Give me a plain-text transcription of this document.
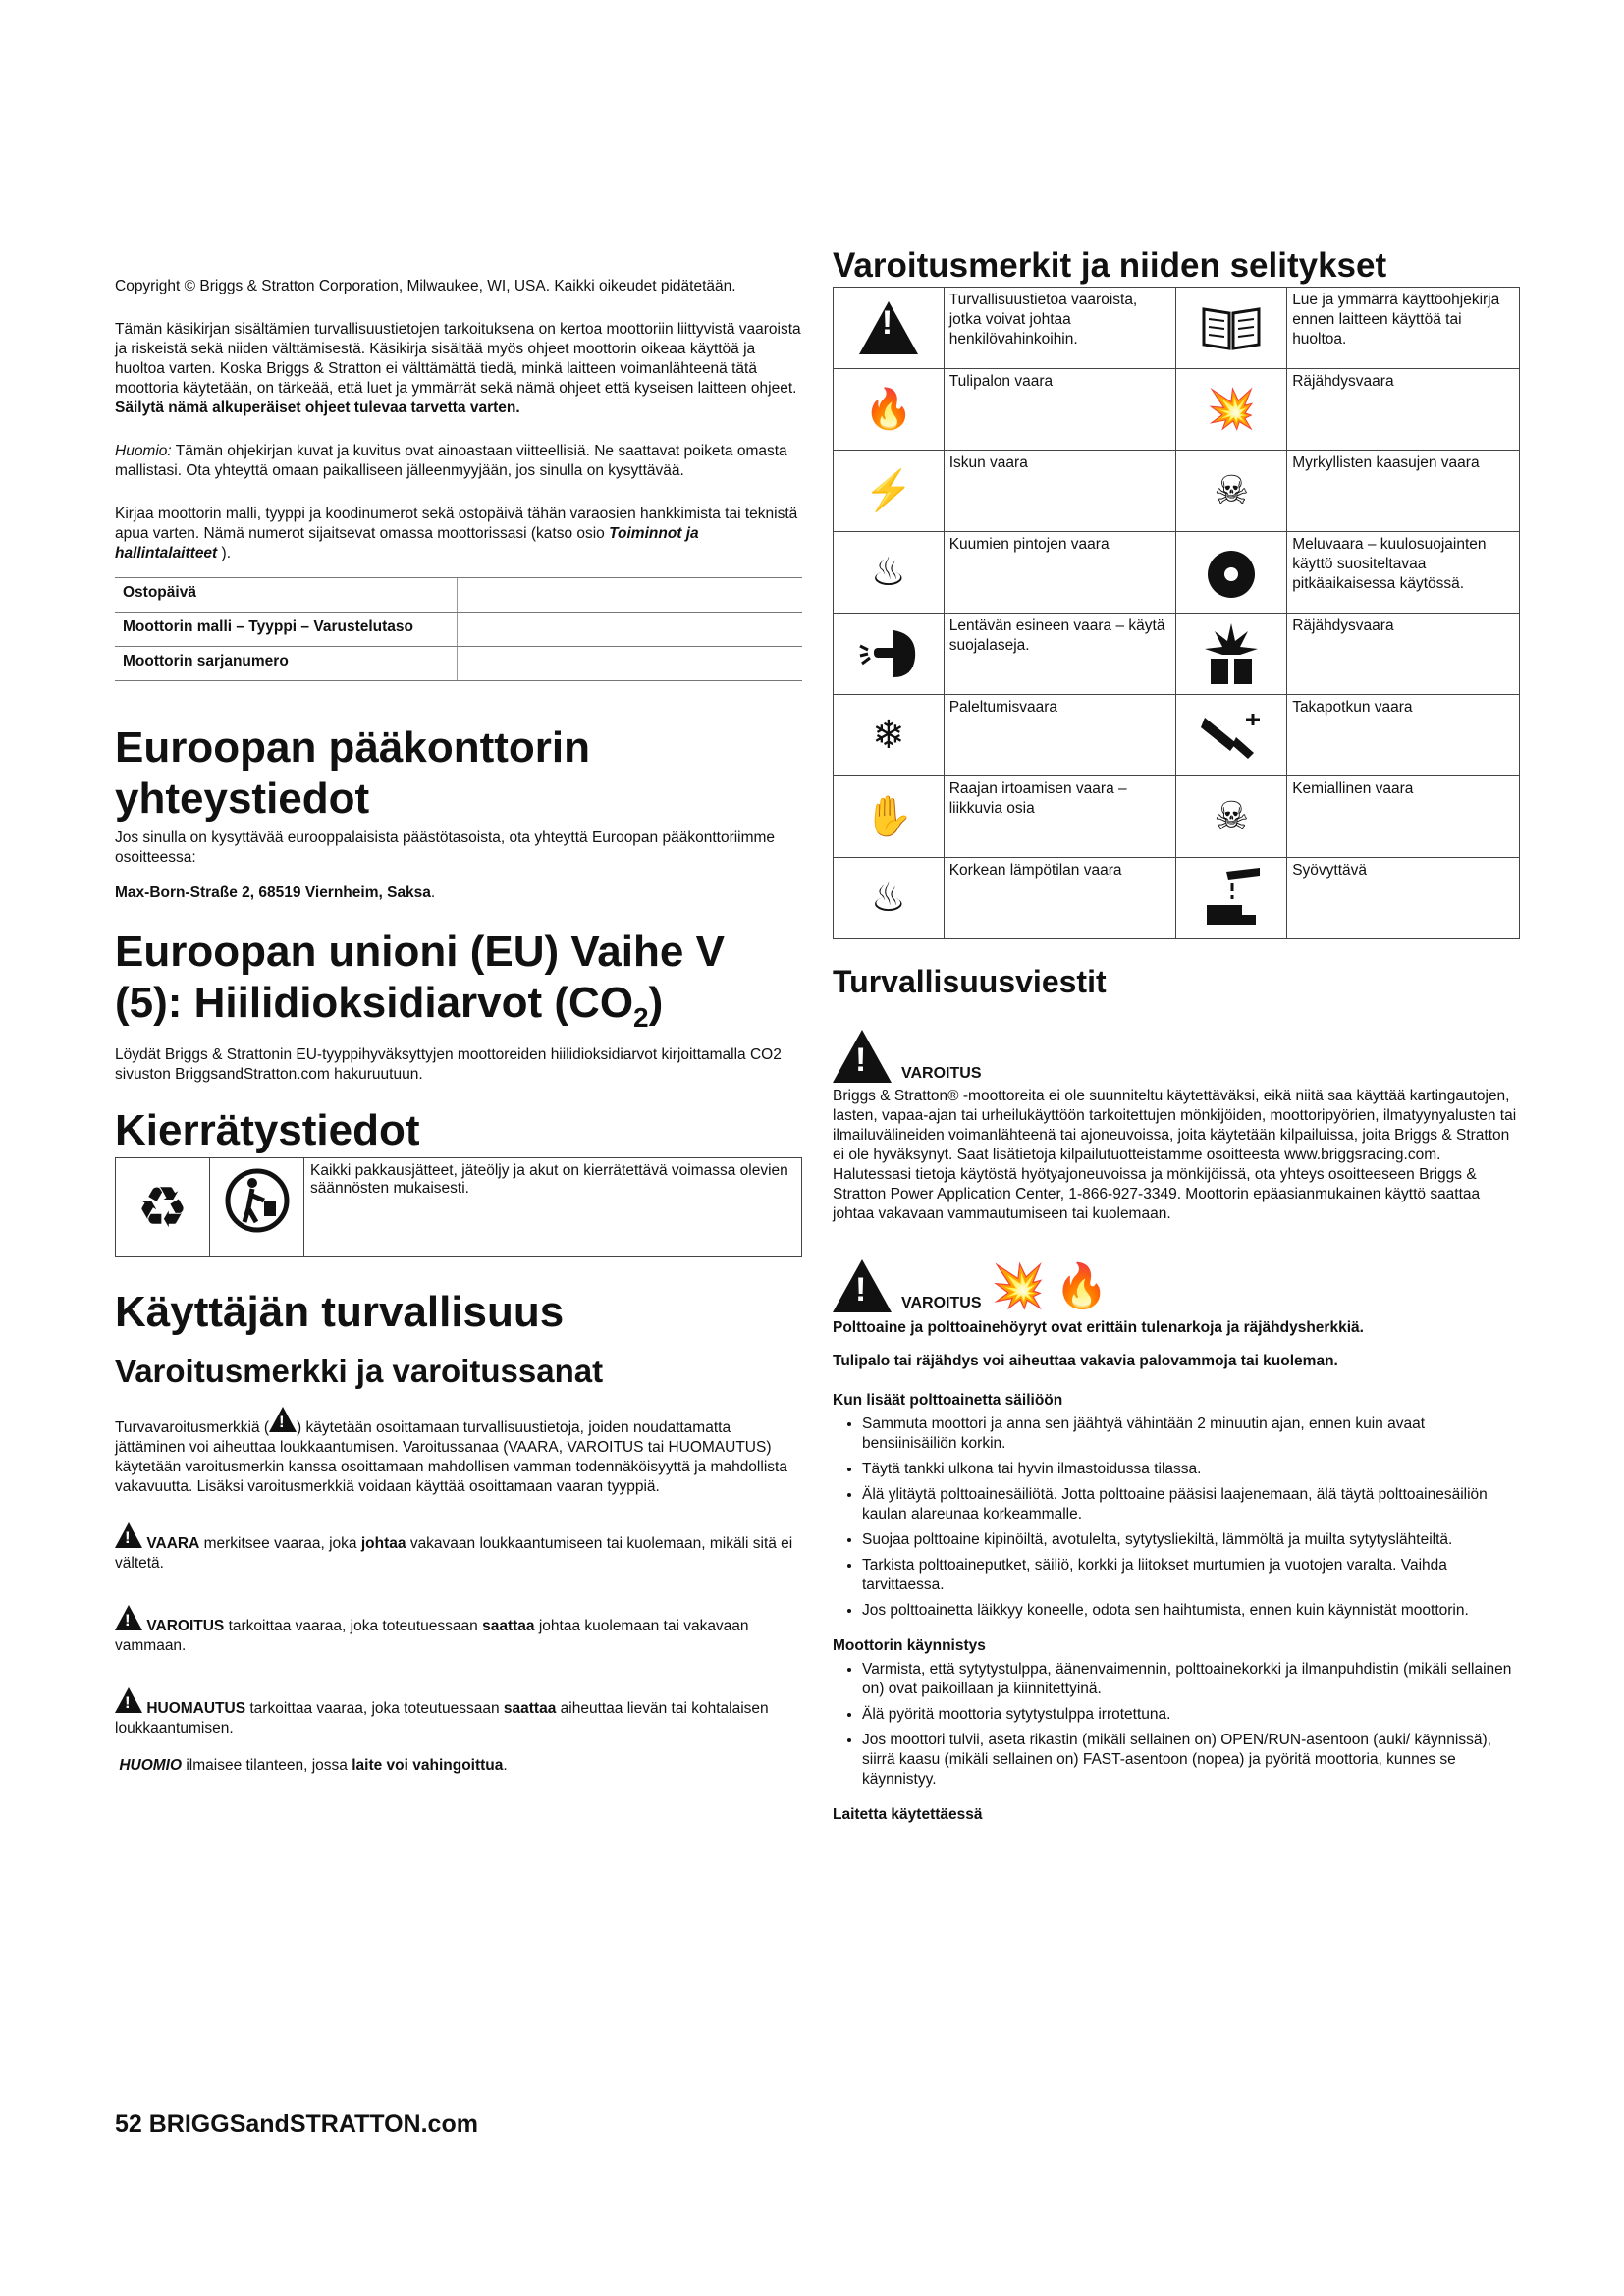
Copyright © Briggs & Stratton Corporation, Milwaukee, WI, USA. Kaikki oikeudet pidätetään.

Tämän käsikirjan sisältämien turvallisuustietojen tarkoituksena on kertoa moottoriin liittyvistä vaaroista ja riskeistä sekä niiden välttämisestä. Käsikirja sisältää myös ohjeet moottorin oikeaa käyttöä ja huoltoa varten. Koska Briggs & Stratton ei välttämättä tiedä, minkä laitteen voimanlähteenä tätä moottoria käytetään, on tärkeää, että luet ja ymmärrät sekä nämä ohjeet että kyseisen laitteen ohjeet. Säilytä nämä alkuperäiset ohjeet tulevaa tarvetta varten.

Huomio: Tämän ohjekirjan kuvat ja kuvitus ovat ainoastaan viitteellisiä. Ne saattavat poiketa omasta mallistasi. Ota yhteyttä omaan paikalliseen jälleenmyyjään, jos sinulla on kysyttävää.

Kirjaa moottorin malli, tyyppi ja koodinumerot sekä ostopäivä tähän varaosien hankkimista tai teknistä apua varten. Nämä numerot sijaitsevat omassa moottorissasi (katso osio Toiminnot ja hallintalaitteet ).

Ostopäivä	
Moottorin malli – Tyyppi – Varustelutaso	
Moottorin sarjanumero	
Euroopan pääkonttorin yhteystiedot

Jos sinulla on kysyttävää eurooppalaisista päästötasoista, ota yhteyttä Euroopan pääkonttoriimme osoitteessa:

Max-Born-Straße 2, 68519 Viernheim, Saksa.

Euroopan unioni (EU) Vaihe V (5): Hiilidioksidiarvot $(CO_2)$

Löydät Briggs & Strattonin EU-tyyppihyväksyttyjen moottoreiden hiilidioksidiarvot kirjoittamalla CO2 sivuston BriggsandStratton.com hakuruutuun.

Kierrätystiedot
♻		Kaikki pakkausjätteet, jäteöljy ja akut on kierrätettävä voimassa olevien säännösten mukaisesti.
Käyttäjän turvallisuus
Varoitusmerkki ja varoitussanat

Turvavaroitusmerkkiä ( ! ) käytetään osoittamaan turvallisuustietoja, joiden noudattamatta jättäminen voi aiheuttaa loukkaantumisen. Varoitussanaa (VAARA, VAROITUS tai HUOMAUTUS) käytetään varoitusmerkin kanssa osoittamaan mahdollisen vamman todennäköisyyttä ja mahdollista vakavuutta. Lisäksi varoitusmerkkiä voidaan käyttää osoittamaan vaaran tyyppiä.

! VAARA merkitsee vaaraa, joka johtaa vakavaan loukkaantumiseen tai kuolemaan, mikäli sitä ei vältetä.

! VAROITUS tarkoittaa vaaraa, joka toteutuessaan saattaa johtaa kuolemaan tai vakavaan vammaan.

! HUOMAUTUS tarkoittaa vaaraa, joka toteutuessaan saattaa aiheuttaa lievän tai kohtalaisen loukkaantumisen.

HUOMIO ilmaisee tilanteen, jossa laite voi vahingoittua.

Varoitusmerkit ja niiden selitykset
!	Turvallisuustietoa vaaroista, jotka voivat johtaa henkilövahinkoihin.		Lue ja ymmärrä käyttöohjekirja ennen laitteen käyttöä tai huoltoa.
🔥	Tulipalon vaara	💥	Räjähdysvaara
⚡	Iskun vaara	☠	Myrkyllisten kaasujen vaara
♨	Kuumien pintojen vaara		Meluvaara – kuulosuojainten käyttö suositeltavaa pitkäaikaisessa käytössä.
	Lentävän esineen vaara – käytä suojalaseja.		Räjähdysvaara
❄	Paleltumisvaara		Takapotkun vaara
✋	Raajan irtoamisen vaara – liikkuvia osia	☠	Kemiallinen vaara
♨	Korkean lämpötilan vaara		Syövyttävä
Turvallisuusviestit
! VAROITUS

Briggs & Stratton® -moottoreita ei ole suunniteltu käytettäväksi, eikä niitä saa käyttää kartingautojen, lasten, vapaa-ajan tai urheilukäyttöön tarkoitettujen mönkijöiden, moottoripyörien, ilmatyynyalusten tai ilmailuvälineiden voimanlähteenä tai ajoneuvoissa, joita käytetään kilpailuissa, joita Briggs & Stratton ei ole hyväksynyt. Saat lisätietoja kilpailutuotteistamme osoitteesta www.briggsracing.com. Halutessasi tietoja käytöstä hyötyajoneuvoissa ja mönkijöissä, ota yhteys osoitteeseen Briggs & Stratton Power Application Center, 1-866-927-3349. Moottorin epäasianmukainen käyttö saattaa johtaa vakavaan vammautumiseen tai kuolemaan.

! VAROITUS 💥 🔥

Polttoaine ja polttoainehöyryt ovat erittäin tulenarkoja ja räjähdysherkkiä.

Tulipalo tai räjähdys voi aiheuttaa vakavia palovammoja tai kuoleman.

Kun lisäät polttoainetta säiliöön

• Sammuta moottori ja anna sen jäähtyä vähintään 2 minuutin ajan, ennen kuin avaat bensiinisäiliön korkin.
• Täytä tankki ulkona tai hyvin ilmastoidussa tilassa.
• Älä ylitäytä polttoainesäiliötä. Jotta polttoaine pääsisi laajenemaan, älä täytä polttoainesäiliön kaulan alareunaa korkeammalle.
• Suojaa polttoaine kipinöiltä, avotulelta, sytytysliekiltä, lämmöltä ja muilta sytytyslähteiltä.
• Tarkista polttoaineputket, säiliö, korkki ja liitokset murtumien ja vuotojen varalta. Vaihda tarvittaessa.
• Jos polttoainetta läikkyy koneelle, odota sen haihtumista, ennen kuin käynnistät moottorin.

Moottorin käynnistys

• Varmista, että sytytystulppa, äänenvaimennin, polttoainekorkki ja ilmanpuhdistin (mikäli sellainen on) ovat paikoillaan ja kiinnitettyinä.
• Älä pyöritä moottoria sytytystulppa irrotettuna.
• Jos moottori tulvii, aseta rikastin (mikäli sellainen on) OPEN/RUN-asentoon (auki/ käynnissä), siirrä kaasu (mikäli sellainen on) FAST-asentoon (nopea) ja pyöritä moottoria, kunnes se käynnistyy.

Laitetta käytettäessä

52 BRIGGSandSTRATTON.com
